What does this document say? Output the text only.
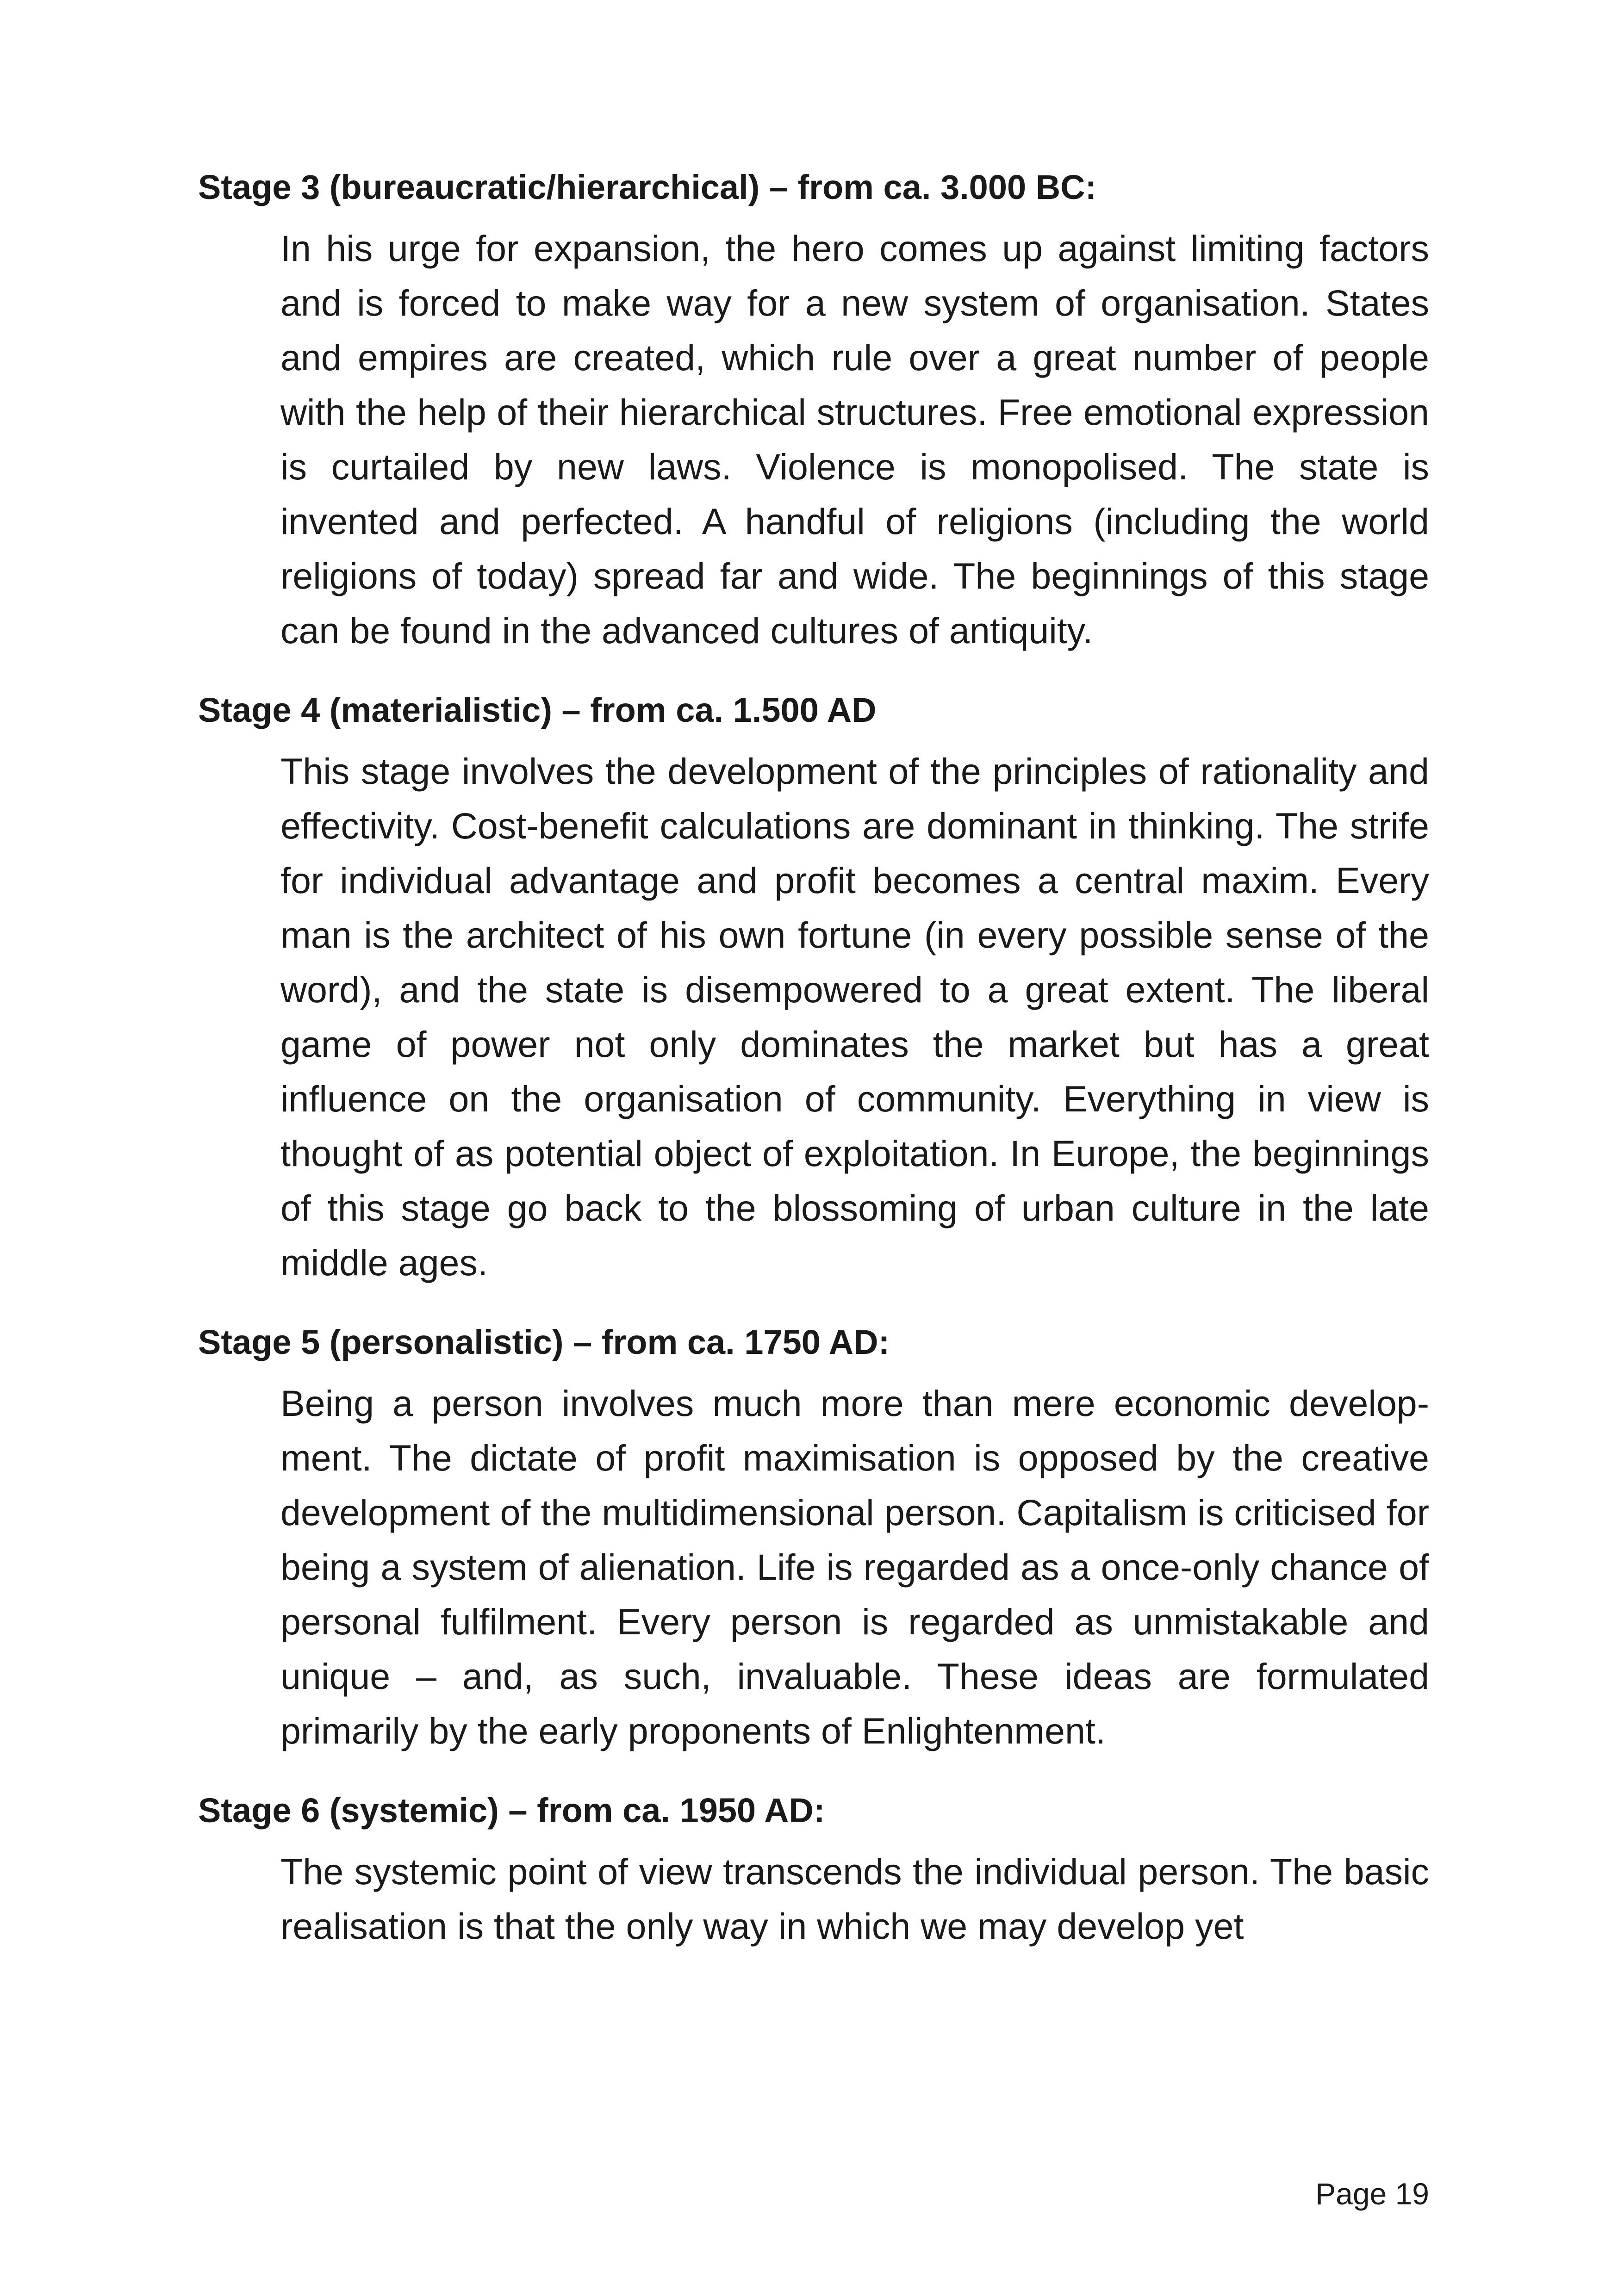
Stage 3 (bureaucratic/hierarchical) – from ca. 3.000 BC:

In his urge for expansion, the hero comes up against limiting factors and is forced to make way for a new system of organisation. States and empires are created, which rule over a great number of people with the help of their hierarchical structures. Free emotional expression is curtailed by new laws. Violence is monopolised. The state is invented and perfected. A handful of religions (including the world religions of today) spread far and wide. The beginnings of this stage can be found in the advanced cultures of antiquity.

Stage 4 (materialistic) – from ca. 1.500 AD

This stage involves the development of the principles of rationality and effectivity. Cost-benefit calculations are dominant in thinking. The strife for individual advantage and profit becomes a central maxim. Every man is the architect of his own fortune (in every possible sense of the word), and the state is disempowered to a great extent. The liberal game of power not only dominates the market but has a great influence on the organisation of community. Everything in view is thought of as potential object of exploitation. In Europe, the beginnings of this stage go back to the blossoming of urban culture in the late middle ages.

Stage 5 (personalistic) – from ca. 1750 AD:

Being a person involves much more than mere economic development. The dictate of profit maximisation is opposed by the creative development of the multidimensional person. Capitalism is criticised for being a system of alienation. Life is regarded as a once-only chance of personal fulfilment. Every person is regarded as unmistakable and unique – and, as such, invaluable. These ideas are formulated primarily by the early proponents of Enlightenment.

Stage 6 (systemic) – from ca. 1950 AD:

The systemic point of view transcends the individual person. The basic realisation is that the only way in which we may develop yet

Page 19
